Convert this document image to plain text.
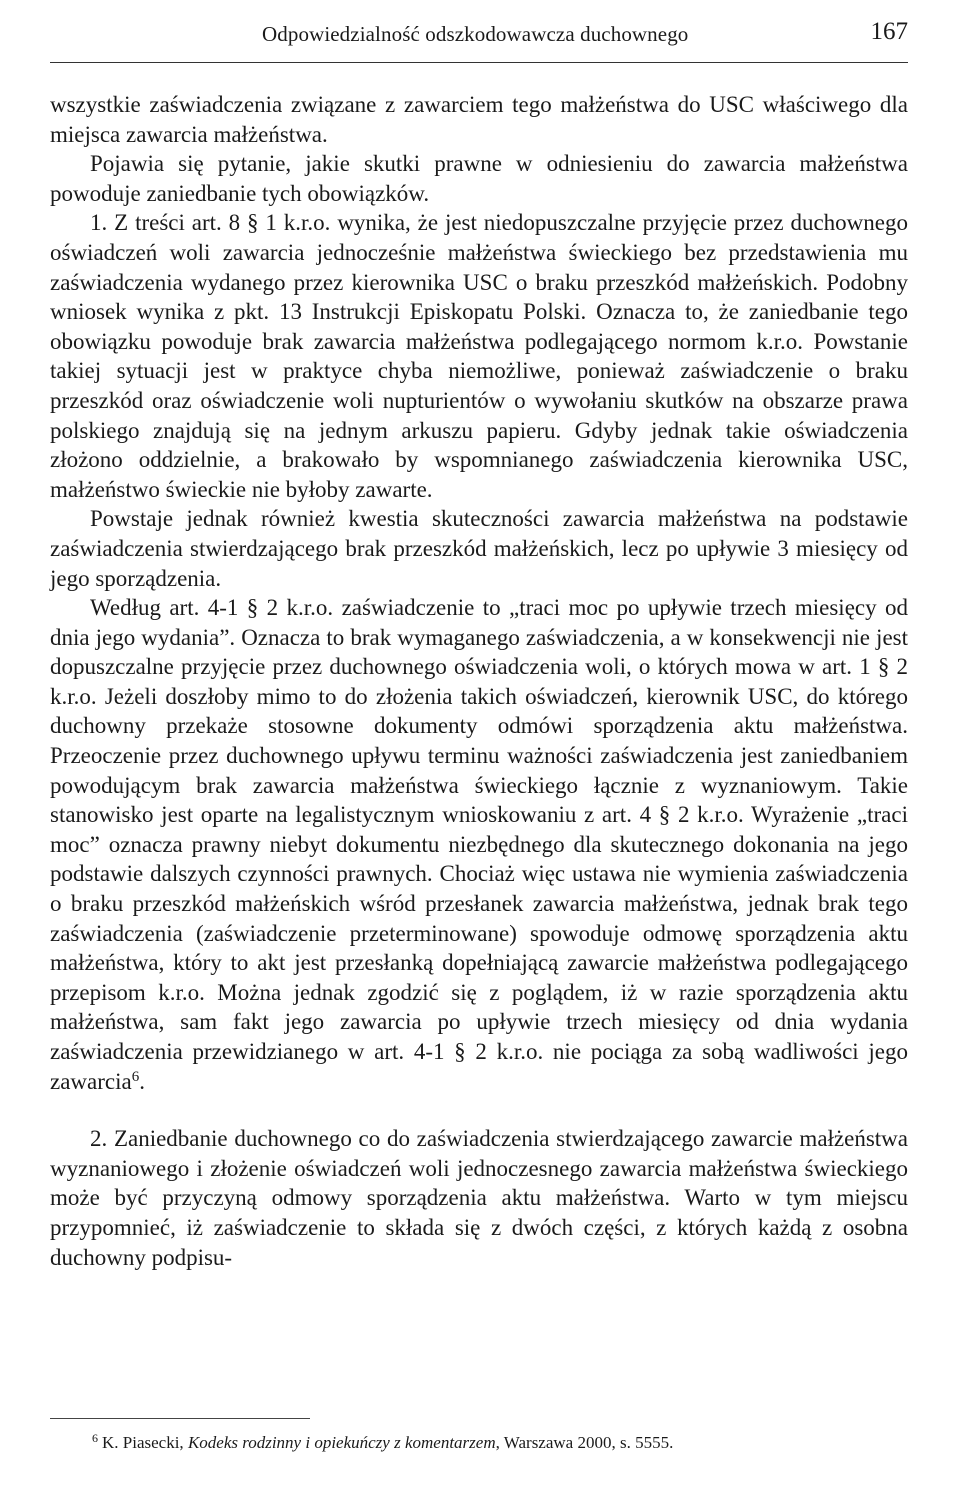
Odpowiedzialność odszkodowawcza duchownego	167

wszystkie zaświadczenia związane z zawarciem tego małżeństwa do USC właściwego dla miejsca zawarcia małżeństwa.

Pojawia się pytanie, jakie skutki prawne w odniesieniu do zawarcia małżeństwa powoduje zaniedbanie tych obowiązków.

1. Z treści art. 8 § 1 k.r.o. wynika, że jest niedopuszczalne przyjęcie przez duchownego oświadczeń woli zawarcia jednocześnie małżeństwa świeckiego bez przedstawienia mu zaświadczenia wydanego przez kierownika USC o braku przeszkód małżeńskich. Podobny wniosek wynika z pkt. 13 Instrukcji Episkopatu Polski. Oznacza to, że zaniedbanie tego obowiązku powoduje brak zawarcia małżeństwa podlegającego normom k.r.o. Powstanie takiej sytuacji jest w praktyce chyba niemożliwe, ponieważ zaświadczenie o braku przeszkód oraz oświadczenie woli nupturientów o wywołaniu skutków na obszarze prawa polskiego znajdują się na jednym arkuszu papieru. Gdyby jednak takie oświadczenia złożono oddzielnie, a brakowało by wspomnianego zaświadczenia kierownika USC, małżeństwo świeckie nie byłoby zawarte.

Powstaje jednak również kwestia skuteczności zawarcia małżeństwa na podstawie zaświadczenia stwierdzającego brak przeszkód małżeńskich, lecz po upływie 3 miesięcy od jego sporządzenia.

Według art. 4-1 § 2 k.r.o. zaświadczenie to „traci moc po upływie trzech miesięcy od dnia jego wydania”. Oznacza to brak wymaganego zaświadczenia, a w konsekwencji nie jest dopuszczalne przyjęcie przez duchownego oświadczenia woli, o których mowa w art. 1 § 2 k.r.o. Jeżeli doszłoby mimo to do złożenia takich oświadczeń, kierownik USC, do którego duchowny przekaże stosowne dokumenty odmówi sporządzenia aktu małżeństwa. Przeoczenie przez duchownego upływu terminu ważności zaświadczenia jest zaniedbaniem powodującym brak zawarcia małżeństwa świeckiego łącznie z wyznaniowym. Takie stanowisko jest oparte na legalistycznym wnioskowaniu z art. 4 § 2 k.r.o. Wyrażenie „traci moc” oznacza prawny niebyt dokumentu niezbędnego dla skutecznego dokonania na jego podstawie dalszych czynności prawnych. Chociaż więc ustawa nie wymienia zaświadczenia o braku przeszkód małżeńskich wśród przesłanek zawarcia małżeństwa, jednak brak tego zaświadczenia (zaświadczenie przeterminowane) spowoduje odmowę sporządzenia aktu małżeństwa, który to akt jest przesłanką dopełniającą zawarcie małżeństwa podlegającego przepisom k.r.o. Można jednak zgodzić się z poglądem, iż w razie sporządzenia aktu małżeństwa, sam fakt jego zawarcia po upływie trzech miesięcy od dnia wydania zaświadczenia przewidzianego w art. 4-1 § 2 k.r.o. nie pociąga za sobą wadliwości jego zawarcia$^6$.

2. Zaniedbanie duchownego co do zaświadczenia stwierdzającego zawarcie małżeństwa wyznaniowego i złożenie oświadczeń woli jednoczesnego zawarcia małżeństwa świeckiego może być przyczyną odmowy sporządzenia aktu małżeństwa. Warto w tym miejscu przypomnieć, iż zaświadczenie to składa się z dwóch części, z których każdą z osobna duchowny podpisu-

$^6$ K. Piasecki, Kodeks rodzinny i opiekuńczy z komentarzem, Warszawa 2000, s. 5555.
